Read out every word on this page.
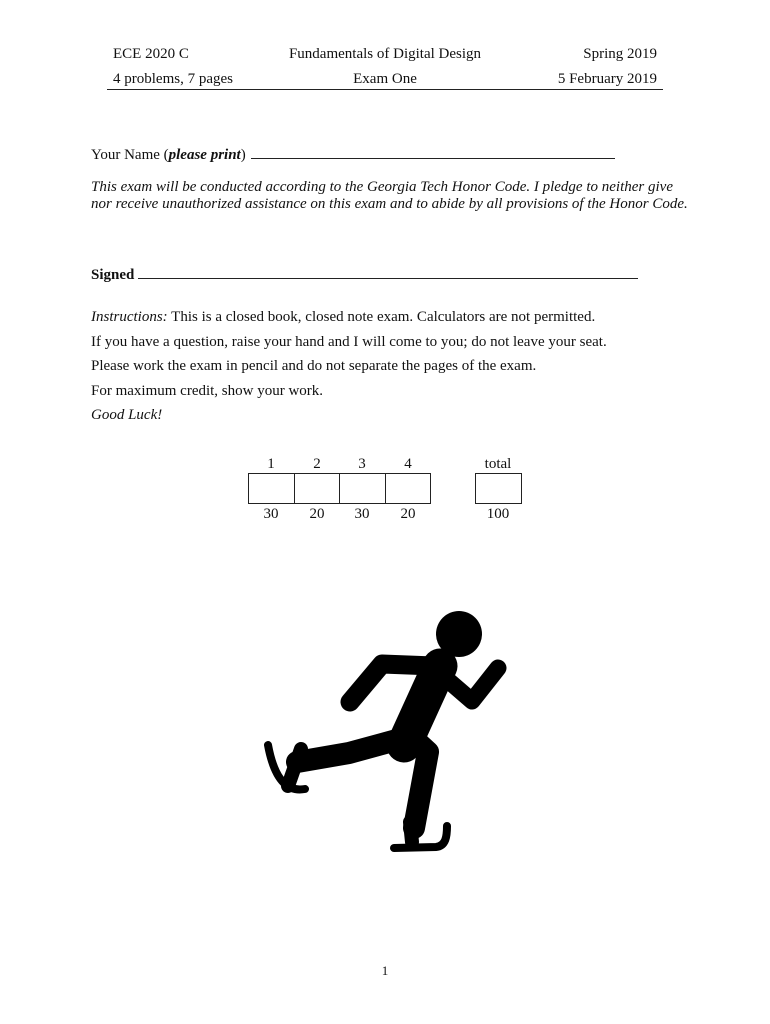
ECE 2020 C	Fundamentals of Digital Design	Spring 2019
4 problems, 7 pages	Exam One	5 February 2019
Your Name (please print)
This exam will be conducted according to the Georgia Tech Honor Code. I pledge to neither give nor receive unauthorized assistance on this exam and to abide by all provisions of the Honor Code.
Signed
Instructions: This is a closed book, closed note exam. Calculators are not permitted.
If you have a question, raise your hand and I will come to you; do not leave your seat.
Please work the exam in pencil and do not separate the pages of the exam.
For maximum credit, show your work.
Good Luck!
1	2	3	4	total
30	20	30	20	100
1
